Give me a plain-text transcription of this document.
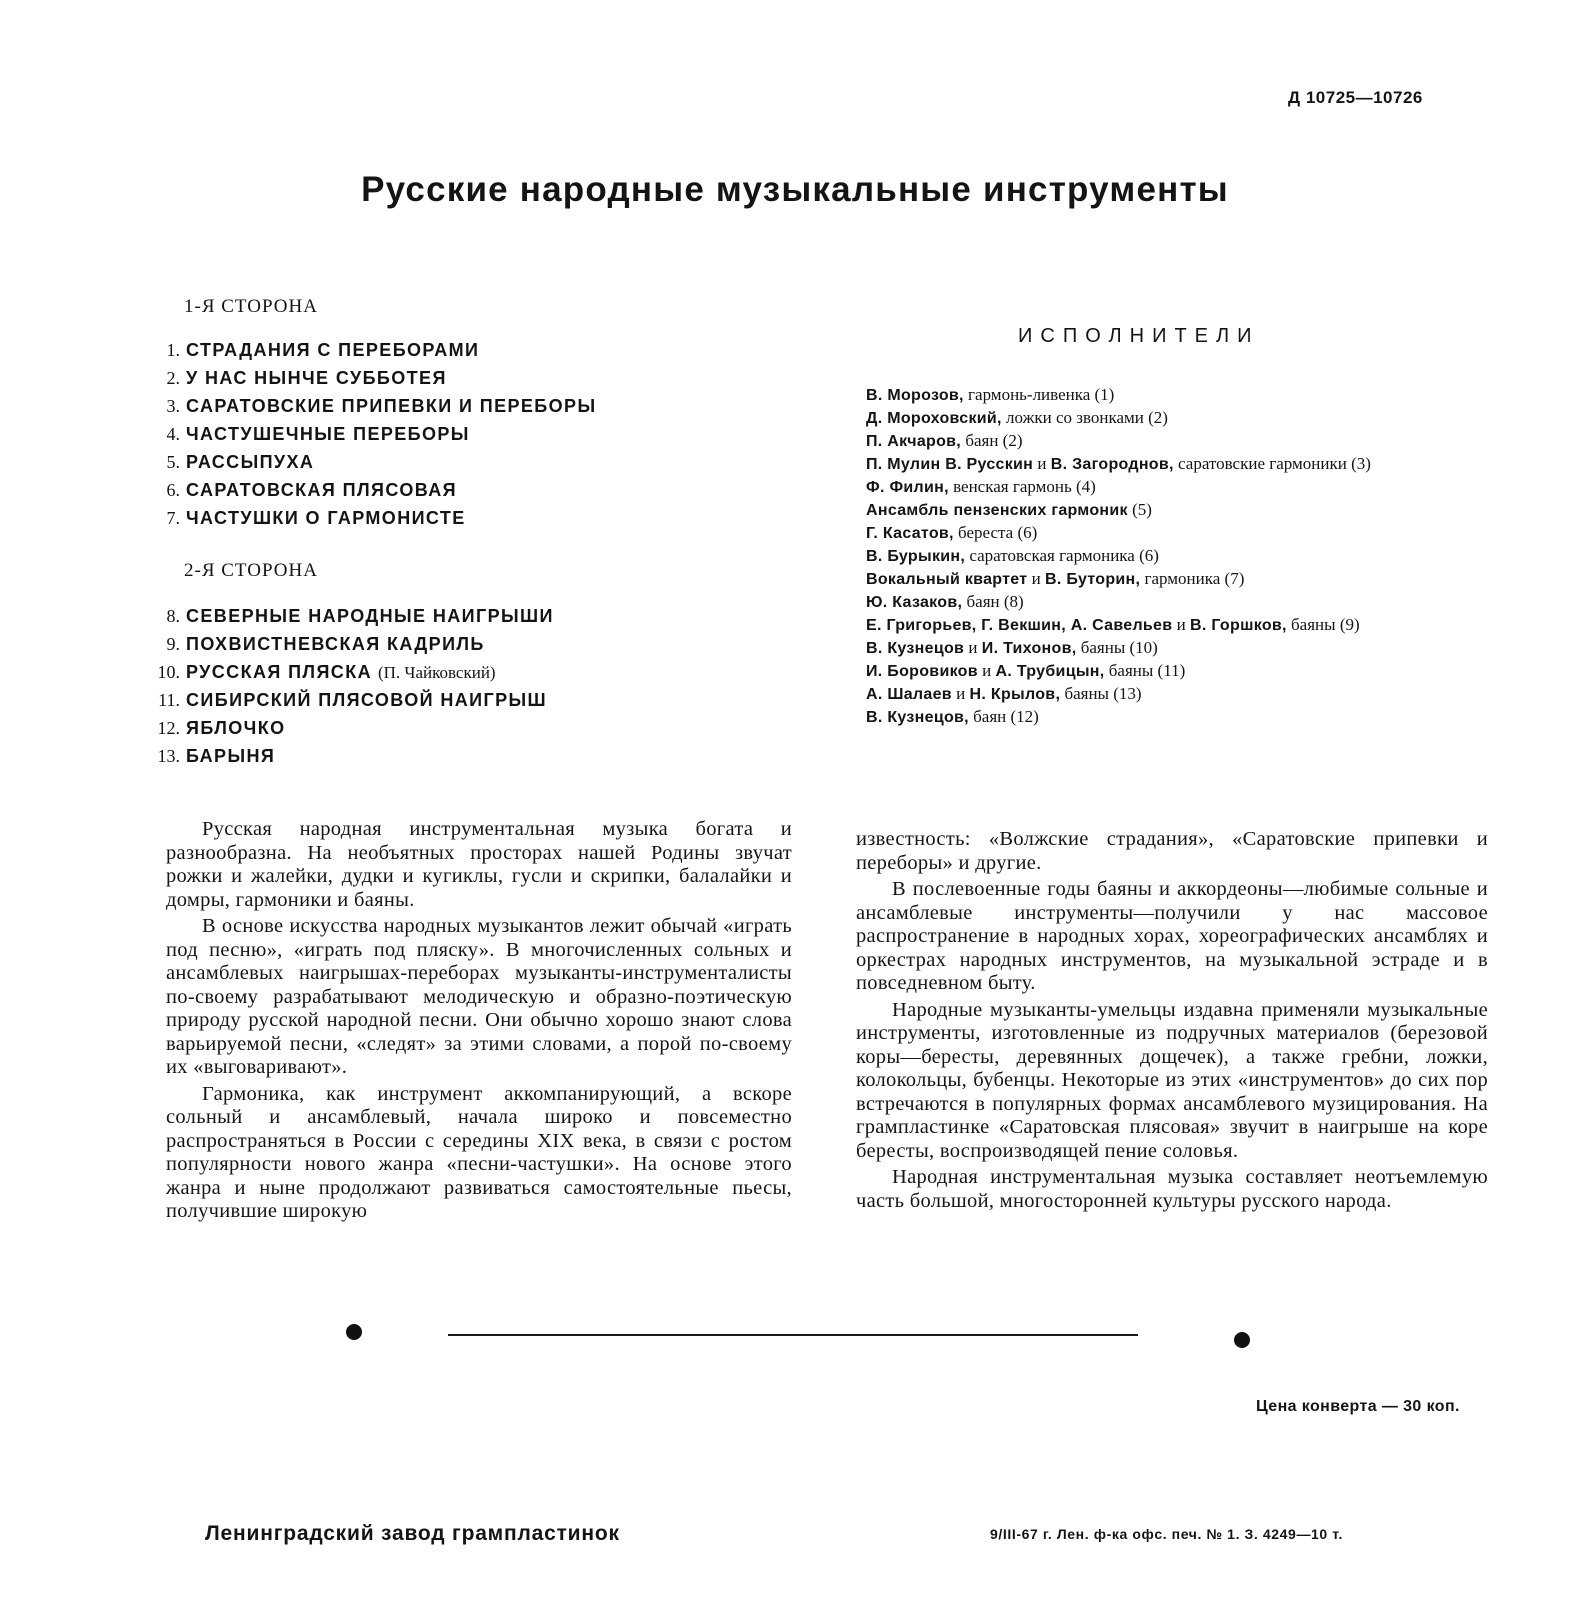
Д 10725—10726
Русские народные музыкальные инструменты
1-Я СТОРОНА
1. СТРАДАНИЯ С ПЕРЕБОРАМИ
2. У НАС НЫНЧЕ СУББОТЕЯ
3. САРАТОВСКИЕ ПРИПЕВКИ И ПЕРЕБОРЫ
4. ЧАСТУШЕЧНЫЕ ПЕРЕБОРЫ
5. РАССЫПУХА
6. САРАТОВСКАЯ ПЛЯСОВАЯ
7. ЧАСТУШКИ О ГАРМОНИСТЕ
2-Я СТОРОНА
8. СЕВЕРНЫЕ НАРОДНЫЕ НАИГРЫШИ
9. ПОХВИСТНЕВСКАЯ КАДРИЛЬ
10. РУССКАЯ ПЛЯСКА (П. Чайковский)
11. СИБИРСКИЙ ПЛЯСОВОЙ НАИГРЫШ
12. ЯБЛОЧКО
13. БАРЫНЯ
ИСПОЛНИТЕЛИ
В. Морозов, гармонь-ливенка (1)
Д. Мороховский, ложки со звонками (2)
П. Акчаров, баян (2)
П. Мулин В. Русскин и В. Загороднов, саратовские гармоники (3)
Ф. Филин, венская гармонь (4)
Ансамбль пензенских гармоник (5)
Г. Касатов, береста (6)
В. Бурыкин, саратовская гармоника (6)
Вокальный квартет и В. Буторин, гармоника (7)
Ю. Казаков, баян (8)
Е. Григорьев, Г. Векшин, А. Савельев и В. Горшков, баяны (9)
В. Кузнецов и И. Тихонов, баяны (10)
И. Боровиков и А. Трубицын, баяны (11)
А. Шалаев и Н. Крылов, баяны (13)
В. Кузнецов, баян (12)

Русская народная инструментальная музыка богата и разнообразна. На необъятных просторах нашей Родины звучат рожки и жалейки, дудки и кугиклы, гусли и скрипки, балалайки и домры, гармоники и баяны.

В основе искусства народных музыкантов лежит обычай «играть под песню», «играть под пляску». В многочисленных сольных и ансамблевых наигрышах-переборах музыканты-инструменталисты по-своему разрабатывают мелодическую и образно-поэтическую природу русской народной песни. Они обычно хорошо знают слова варьируемой песни, «следят» за этими словами, а порой по-своему их «выговаривают».

Гармоника, как инструмент аккомпанирующий, а вскоре сольный и ансамблевый, начала широко и повсеместно распространяться в России с середины XIX века, в связи с ростом популярности нового жанра «песни-частушки». На основе этого жанра и ныне продолжают развиваться самостоятельные пьесы, получившие широкую

известность: «Волжские страдания», «Саратовские припевки и переборы» и другие.

В послевоенные годы баяны и аккордеоны—любимые сольные и ансамблевые инструменты—получили у нас массовое распространение в народных хорах, хореографических ансамблях и оркестрах народных инструментов, на музыкальной эстраде и в повседневном быту.

Народные музыканты-умельцы издавна применяли музыкальные инструменты, изготовленные из подручных материалов (березовой коры—бересты, деревянных дощечек), а также гребни, ложки, колокольцы, бубенцы. Некоторые из этих «инструментов» до сих пор встречаются в популярных формах ансамблевого музицирования. На грампластинке «Саратовская плясовая» звучит в наигрыше на коре бересты, воспроизводящей пение соловья.

Народная инструментальная музыка составляет неотъемлемую часть большой, многосторонней культуры русского народа.

Цена конверта — 30 коп.
Ленинградский завод грампластинок	9/III-67 г. Лен. ф-ка офс. печ. № 1. З. 4249—10 т.
